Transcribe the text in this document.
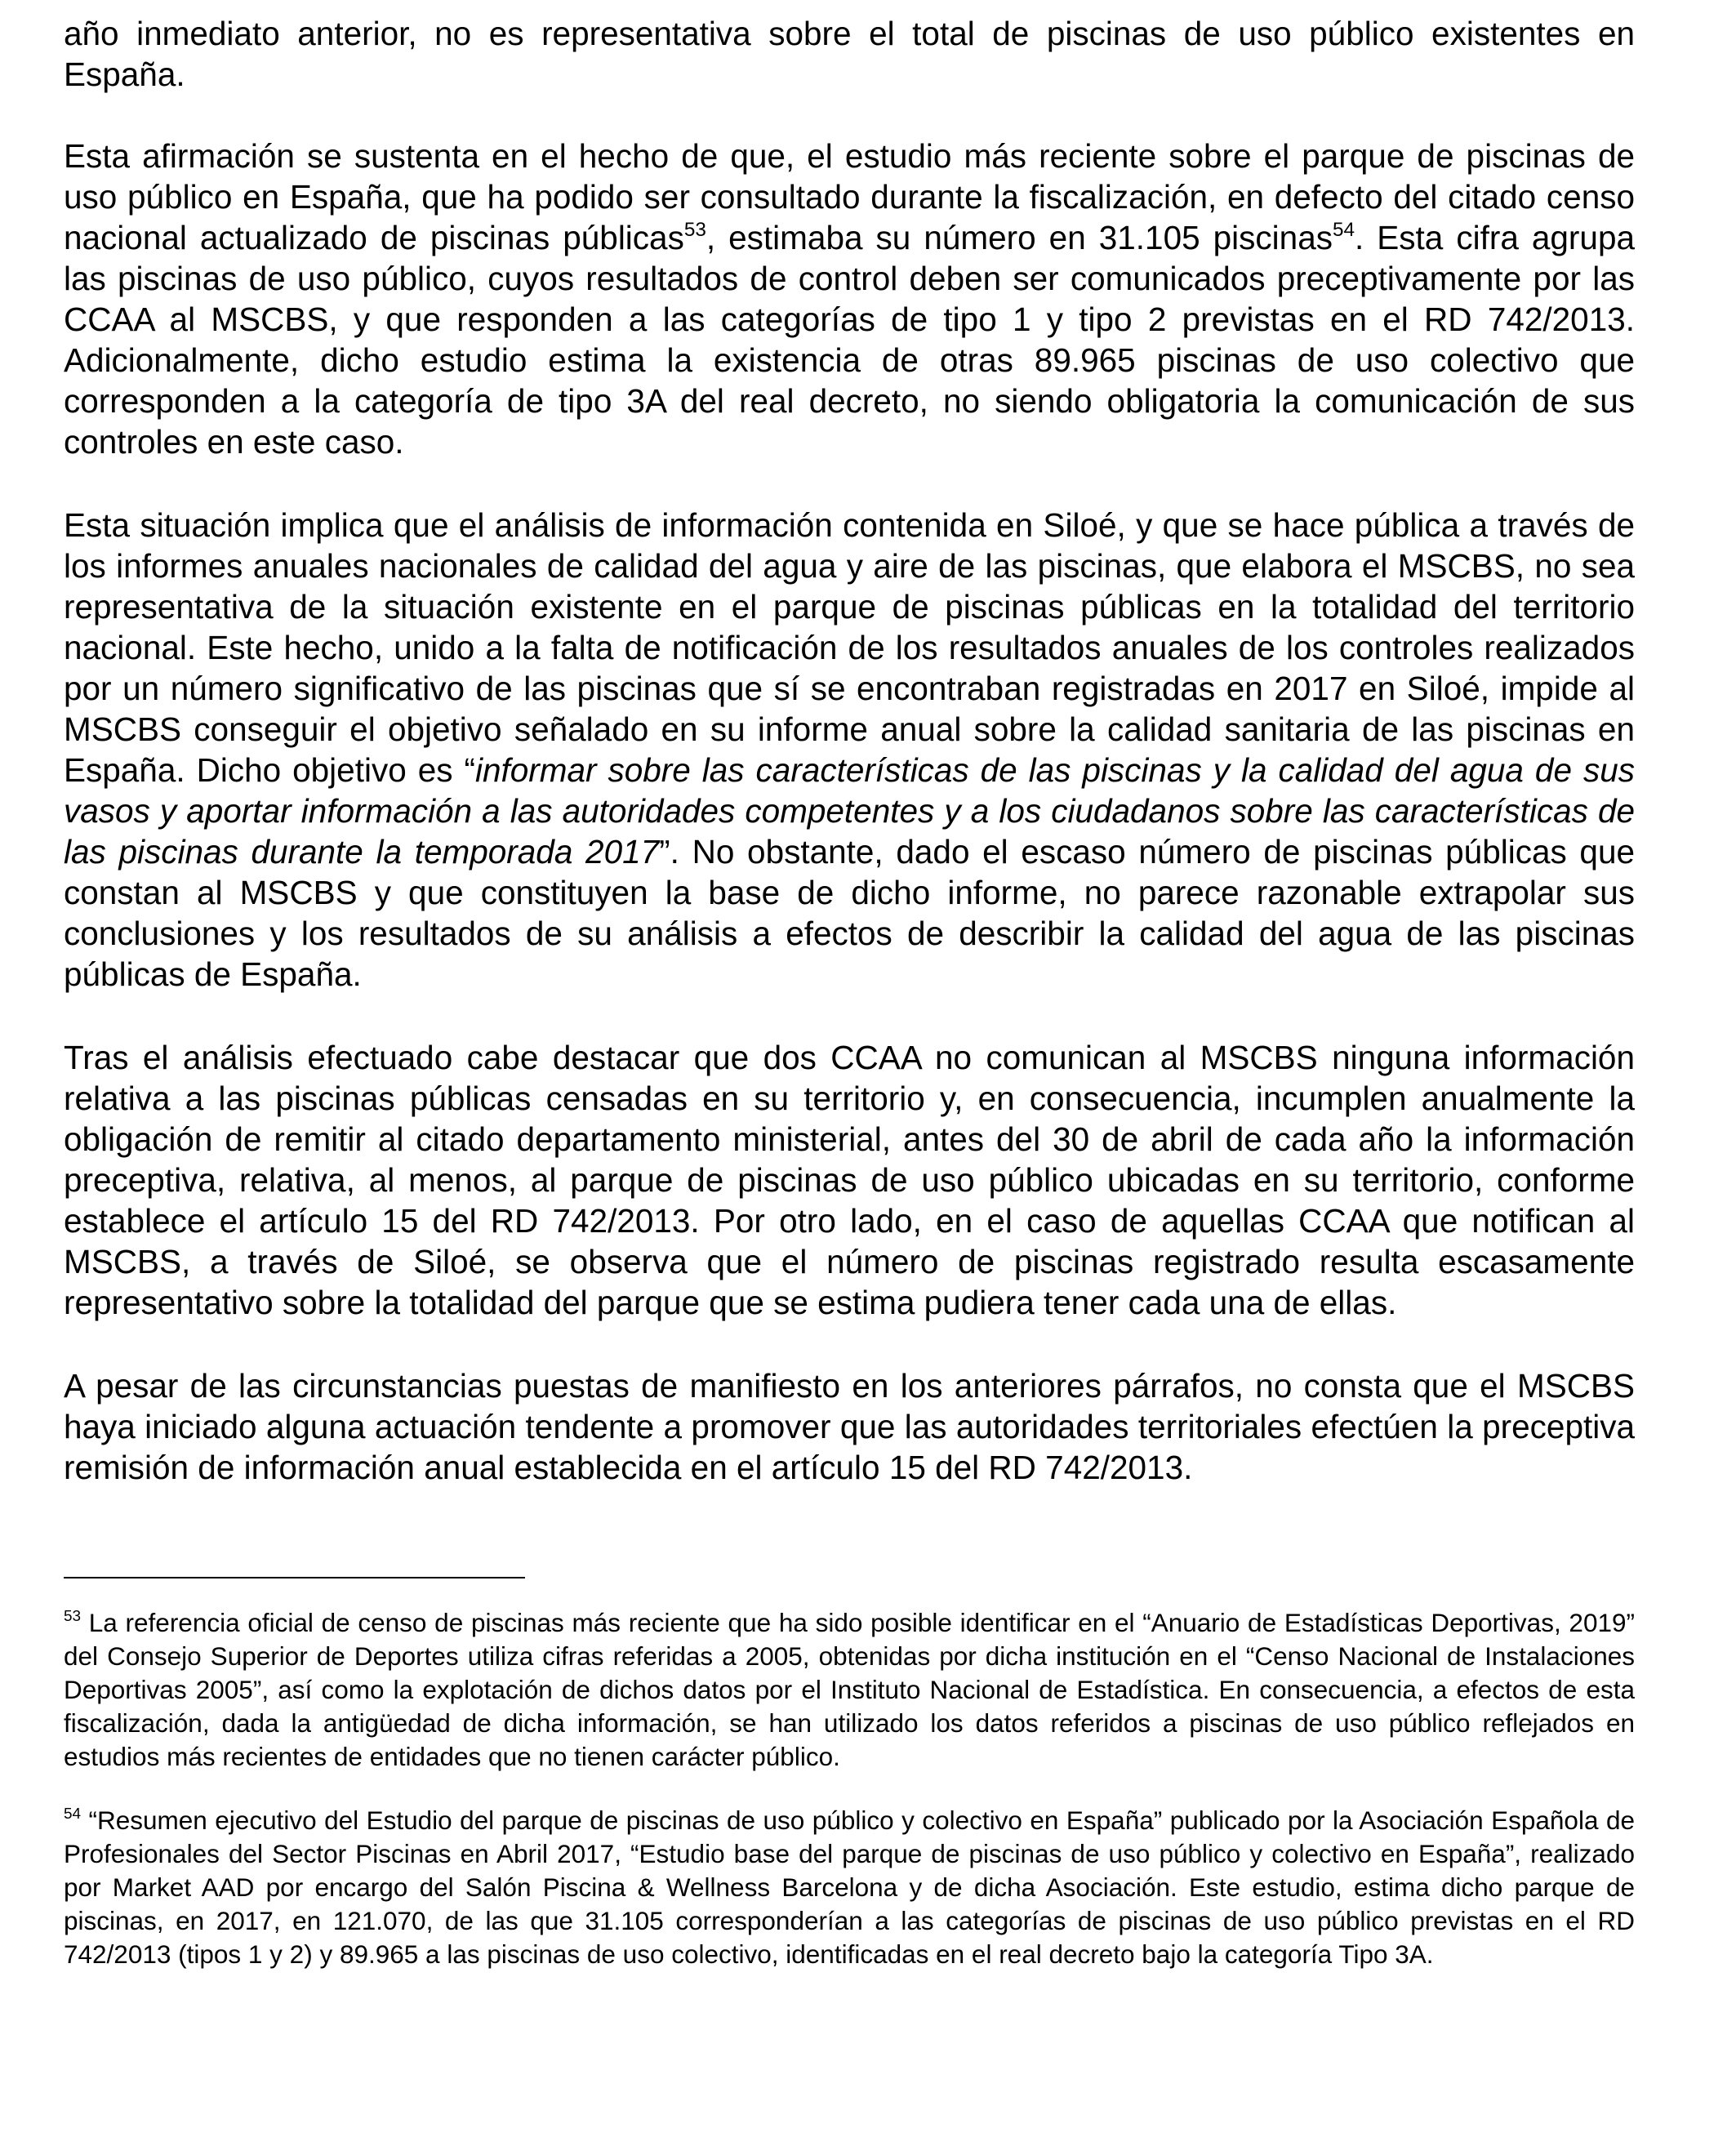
año inmediato anterior, no es representativa sobre el total de piscinas de uso público existentes en España.

Esta afirmación se sustenta en el hecho de que, el estudio más reciente sobre el parque de piscinas de uso público en España, que ha podido ser consultado durante la fiscalización, en defecto del citado censo nacional actualizado de piscinas públicas$^{53}$, estimaba su número en 31.105 piscinas$^{54}$. Esta cifra agrupa las piscinas de uso público, cuyos resultados de control deben ser comunicados preceptivamente por las CCAA al MSCBS, y que responden a las categorías de tipo 1 y tipo 2 previstas en el RD 742/2013. Adicionalmente, dicho estudio estima la existencia de otras 89.965 piscinas de uso colectivo que corresponden a la categoría de tipo 3A del real decreto, no siendo obligatoria la comunicación de sus controles en este caso.

Esta situación implica que el análisis de información contenida en Siloé, y que se hace pública a través de los informes anuales nacionales de calidad del agua y aire de las piscinas, que elabora el MSCBS, no sea representativa de la situación existente en el parque de piscinas públicas en la totalidad del territorio nacional. Este hecho, unido a la falta de notificación de los resultados anuales de los controles realizados por un número significativo de las piscinas que sí se encontraban registradas en 2017 en Siloé, impide al MSCBS conseguir el objetivo señalado en su informe anual sobre la calidad sanitaria de las piscinas en España. Dicho objetivo es “informar sobre las características de las piscinas y la calidad del agua de sus vasos y aportar información a las autoridades competentes y a los ciudadanos sobre las características de las piscinas durante la temporada 2017”. No obstante, dado el escaso número de piscinas públicas que constan al MSCBS y que constituyen la base de dicho informe, no parece razonable extrapolar sus conclusiones y los resultados de su análisis a efectos de describir la calidad del agua de las piscinas públicas de España.

Tras el análisis efectuado cabe destacar que dos CCAA no comunican al MSCBS ninguna información relativa a las piscinas públicas censadas en su territorio y, en consecuencia, incumplen anualmente la obligación de remitir al citado departamento ministerial, antes del 30 de abril de cada año la información preceptiva, relativa, al menos, al parque de piscinas de uso público ubicadas en su territorio, conforme establece el artículo 15 del RD 742/2013. Por otro lado, en el caso de aquellas CCAA que notifican al MSCBS, a través de Siloé, se observa que el número de piscinas registrado resulta escasamente representativo sobre la totalidad del parque que se estima pudiera tener cada una de ellas.

A pesar de las circunstancias puestas de manifiesto en los anteriores párrafos, no consta que el MSCBS haya iniciado alguna actuación tendente a promover que las autoridades territoriales efectúen la preceptiva remisión de información anual establecida en el artículo 15 del RD 742/2013.

$^{53}$ La referencia oficial de censo de piscinas más reciente que ha sido posible identificar en el “Anuario de Estadísticas Deportivas, 2019” del Consejo Superior de Deportes utiliza cifras referidas a 2005, obtenidas por dicha institución en el “Censo Nacional de Instalaciones Deportivas 2005”, así como la explotación de dichos datos por el Instituto Nacional de Estadística. En consecuencia, a efectos de esta fiscalización, dada la antigüedad de dicha información, se han utilizado los datos referidos a piscinas de uso público reflejados en estudios más recientes de entidades que no tienen carácter público.

$^{54}$ “Resumen ejecutivo del Estudio del parque de piscinas de uso público y colectivo en España” publicado por la Asociación Española de Profesionales del Sector Piscinas en Abril 2017, “Estudio base del parque de piscinas de uso público y colectivo en España”, realizado por Market AAD por encargo del Salón Piscina & Wellness Barcelona y de dicha Asociación. Este estudio, estima dicho parque de piscinas, en 2017, en 121.070, de las que 31.105 corresponderían a las categorías de piscinas de uso público previstas en el RD 742/2013 (tipos 1 y 2) y 89.965 a las piscinas de uso colectivo, identificadas en el real decreto bajo la categoría Tipo 3A.
